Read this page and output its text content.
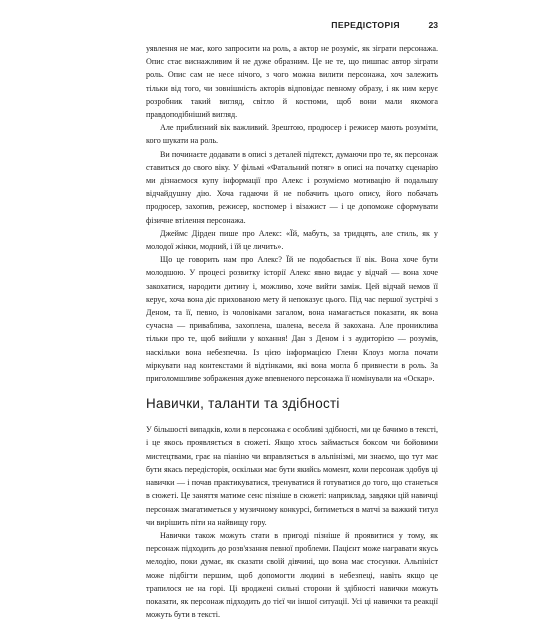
ПЕРЕДІСТОРІЯ	23

уявлення не має, кого запросити на роль, а актор не розуміє, як зіграти персонажа. Опис стає виснажливим й не дуже образним. Це не те, що пишпас автор зіграти роль. Опис сам не несе нічого, з чого можна вилити персонажа, хоч залежить тільки від того, чи зовнішність акторів відповідає певному образу, і як ним керує розробник такий вигляд, світло й костюми, щоб вони мали якомога правдоподібніший вигляд.

Але приблизний вік важливий. Зрештою, продюсер і режисер мають розуміти, кого шукати на роль.

Ви починаєте додавати в описі з деталей підтекст, думаючи про те, як персонаж ставиться до свого віку. У фільмі «Фатальний потяг» в описі на початку сценарію ми дізнаємося купу інформації про Алекс і розуміємо мотивацію й подальшу відчайдушну дію. Хоча гадаючи й не побачить цього опису, його побачать продюсер, захопив, режисер, костюмер і візажист — і це допоможе сформувати фізичне втілення персонажа.

Джеймс Дірден пише про Алекс: «Їй, мабуть, за тридцять, але стиль, як у молодої жінки, модний, і їй це личить».

Що це говорить нам про Алекс? Їй не подобається її вік. Вона хоче бути молодшою. У процесі розвитку історії Алекс явно видає у відчай — вона хоче закохатися, народити дитину і, можливо, хоче вийти заміж. Цей відчай немов її керує, хоча вона діє прихованою мету й непоказує цього. Під час першої зустрічі з Деном, та її, певно, із чоловіками загалом, вона намагається показати, як вона сучасна — приваблива, захоплена, шалена, весела й закохана. Але прониклива тільки про те, щоб вийшли у кохання! Дан з Деном і з аудиторією — розумів, наскільки вона небезпечна. Із цією інформацією Гленн Клоуз могла почати міркувати над контекстами й відтінками, які вона могла б привнести в роль. За приголомшливе зображення дуже впевненого персонажа її номінували на «Оскар».

Навички, таланти та здібності

У більшості випадків, коли в персонажа є особливі здібності, ми це бачимо в тексті, і це якось проявляється в сюжеті. Якщо хтось займається боксом чи бойовими мистецтвами, грає на піаніно чи вправляється в альпінізмі, ми знаємо, що тут має бути якась передісторія, оскільки має бути якийсь момент, коли персонаж здобув ці навички — і почав практикуватися, тренуватися й готуватися до того, що станеться в сюжеті. Це заняття матиме сенс пізніше в сюжеті: наприклад, завдяки цій навичці персонаж змагатиметься у музичному конкурсі, битиметься в матчі за важкий титул чи вирішить піти на найвищу гору.

Навички також можуть стати в пригоді пізніше й проявитися у тому, як персонаж підходить до розв'язання певної проблеми. Пацієнт може награвати якусь мелодію, поки думає, як сказати своїй дівчині, що вона має стосунки. Альпініст може підбігти першим, щоб допомогти людині в небезпеці, навіть якщо це трапилося не на горі. Ці вроджені сильні сторони й здібності навички можуть показати, як персонаж підходить до тієї чи іншої ситуації. Усі ці навички та реакції можуть бути в тексті.
